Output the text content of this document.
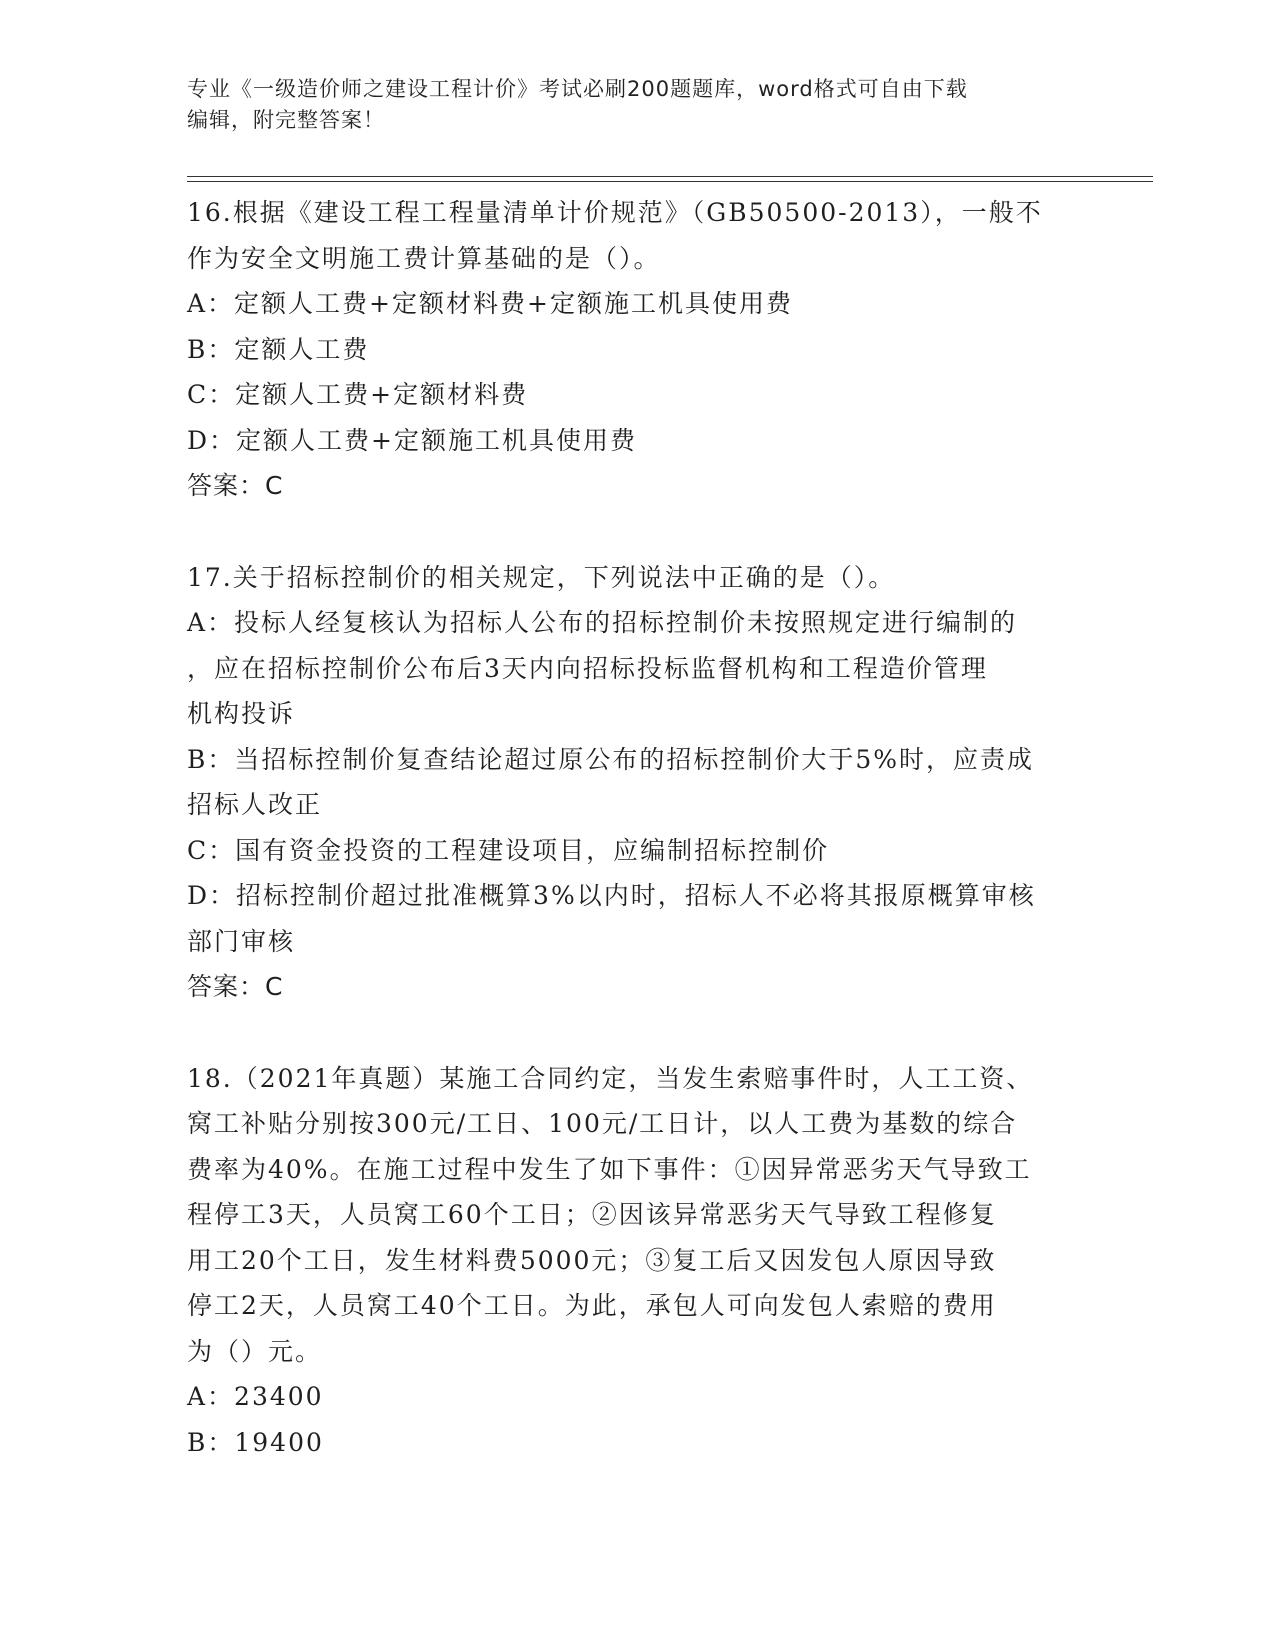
专业《一级造价师之建设工程计价》考试必刷200题题库，word格式可自由下载
编辑，附完整答案！
16.根据《建设工程工程量清单计价规范》（GB50500-2013），一般不
作为安全文明施工费计算基础的是（）。
A：定额人工费+定额材料费+定额施工机具使用费
B：定额人工费
C：定额人工费+定额材料费
D：定额人工费+定额施工机具使用费
答案：C
17.关于招标控制价的相关规定，下列说法中正确的是（）。
A：投标人经复核认为招标人公布的招标控制价未按照规定进行编制的
，应在招标控制价公布后3天内向招标投标监督机构和工程造价管理
机构投诉
B：当招标控制价复查结论超过原公布的招标控制价大于5%时，应责成
招标人改正
C：国有资金投资的工程建设项目，应编制招标控制价
D：招标控制价超过批准概算3%以内时，招标人不必将其报原概算审核
部门审核
答案：C
18.（2021年真题）某施工合同约定，当发生索赔事件时，人工工资、
窝工补贴分别按300元/工日、100元/工日计，以人工费为基数的综合
费率为40%。在施工过程中发生了如下事件：①因异常恶劣天气导致工
程停工3天，人员窝工60个工日；②因该异常恶劣天气导致工程修复
用工20个工日，发生材料费5000元；③复工后又因发包人原因导致
停工2天，人员窝工40个工日。为此，承包人可向发包人索赔的费用
为（）元。
A：23400
B：19400
